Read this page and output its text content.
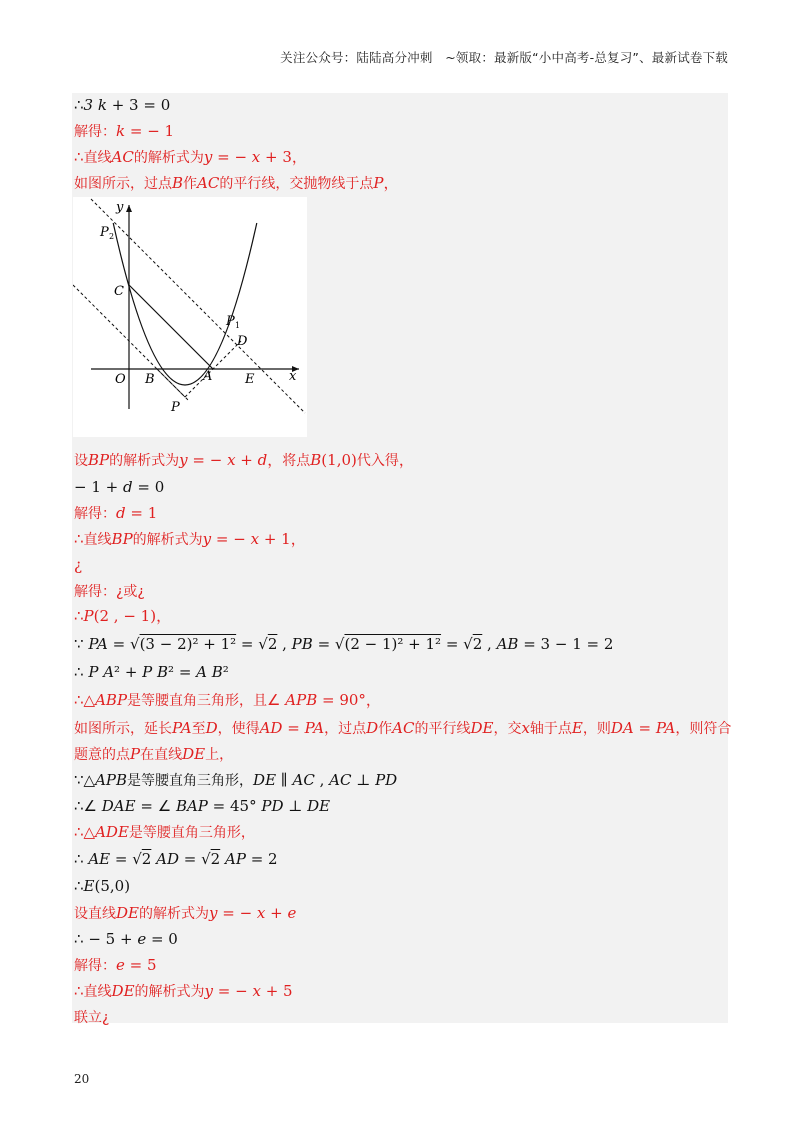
关注公众号：陆陆高分冲刺　~领取：最新版“小中高考-总复习”、最新试卷下载
∴3 k + 3 = 0
解得：k = − 1
∴直线AC的解析式为y = − x + 3，
如图所示，过点B作AC的平行线，交抛物线于点P，
y
x
O B	A	E
C
D
P
P 1
P 2
设BP的解析式为y = − x + d，将点B(1,0)代入得，
− 1 + d = 0
解得：d = 1
∴直线BP的解析式为y = − x + 1，
¿
解得：¿或¿
∴P(2 , − 1)，
∵ PA = √(3 − 2)² + 1² = √2 , PB = √(2 − 1)² + 1² = √2 , AB = 3 − 1 = 2
∴ P A² + P B² = A B²
∴△ABP是等腰直角三角形，且∠ APB = 90°，
如图所示，延长PA至D，使得AD = PA，过点D作AC的平行线DE，交x轴于点E，则DA = PA，则符合
题意的点P在直线DE上，
∵△APB是等腰直角三角形，DE ∥ AC , AC ⊥ PD
∴∠ DAE = ∠ BAP = 45° PD ⊥ DE
∴△ADE是等腰直角三角形，
∴ AE = √2 AD = √2 AP = 2
∴E(5,0)
设直线DE的解析式为y = − x + e
∴ − 5 + e = 0
解得：e = 5
∴直线DE的解析式为y = − x + 5
联立¿
20
